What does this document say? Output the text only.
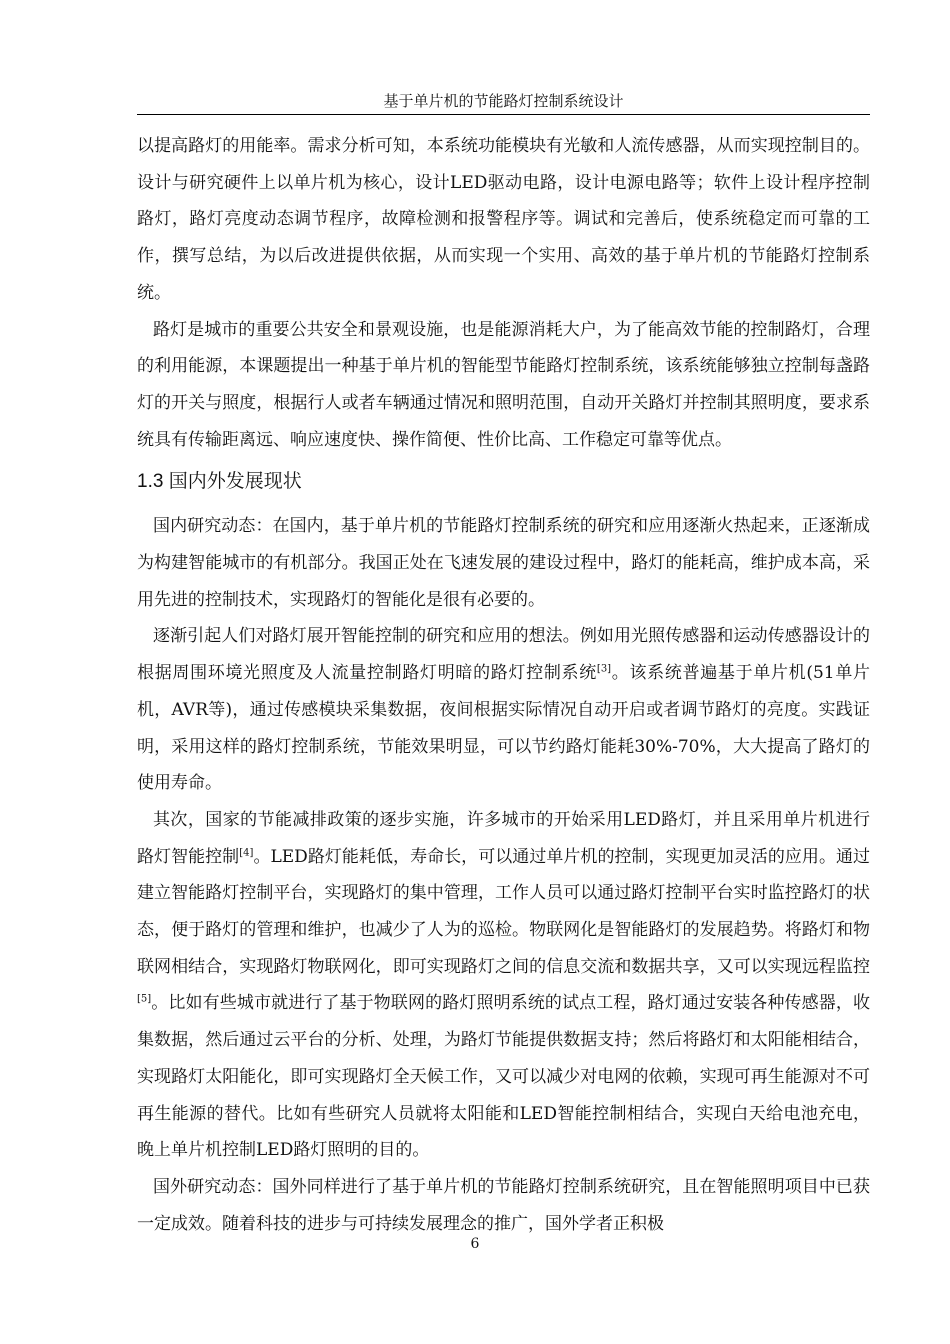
基于单片机的节能路灯控制系统设计

以提高路灯的用能率。需求分析可知，本系统功能模块有光敏和人流传感器，从而实现控制目的。设计与研究硬件上以单片机为核心，设计LED驱动电路，设计电源电路等；软件上设计程序控制路灯，路灯亮度动态调节程序，故障检测和报警程序等。调试和完善后，使系统稳定而可靠的工作，撰写总结，为以后改进提供依据，从而实现一个实用、高效的基于单片机的节能路灯控制系统。

路灯是城市的重要公共安全和景观设施，也是能源消耗大户，为了能高效节能的控制路灯，合理的利用能源，本课题提出一种基于单片机的智能型节能路灯控制系统，该系统能够独立控制每盏路灯的开关与照度，根据行人或者车辆通过情况和照明范围，自动开关路灯并控制其照明度，要求系统具有传输距离远、响应速度快、操作简便、性价比高、工作稳定可靠等优点。

1.3 国内外发展现状

国内研究动态：在国内，基于单片机的节能路灯控制系统的研究和应用逐渐火热起来，正逐渐成为构建智能城市的有机部分。我国正处在飞速发展的建设过程中，路灯的能耗高，维护成本高，采用先进的控制技术，实现路灯的智能化是很有必要的。

逐渐引起人们对路灯展开智能控制的研究和应用的想法。例如用光照传感器和运动传感器设计的根据周围环境光照度及人流量控制路灯明暗的路灯控制系统[3]。该系统普遍基于单片机(51单片机，AVR等)，通过传感模块采集数据，夜间根据实际情况自动开启或者调节路灯的亮度。实践证明，采用这样的路灯控制系统，节能效果明显，可以节约路灯能耗30%-70%，大大提高了路灯的使用寿命。

其次，国家的节能减排政策的逐步实施，许多城市的开始采用LED路灯，并且采用单片机进行路灯智能控制[4]。LED路灯能耗低，寿命长，可以通过单片机的控制，实现更加灵活的应用。通过建立智能路灯控制平台，实现路灯的集中管理，工作人员可以通过路灯控制平台实时监控路灯的状态，便于路灯的管理和维护，也减少了人为的巡检。物联网化是智能路灯的发展趋势。将路灯和物联网相结合，实现路灯物联网化，即可实现路灯之间的信息交流和数据共享，又可以实现远程监控[5]。比如有些城市就进行了基于物联网的路灯照明系统的试点工程，路灯通过安装各种传感器，收集数据，然后通过云平台的分析、处理，为路灯节能提供数据支持；然后将路灯和太阳能相结合，实现路灯太阳能化，即可实现路灯全天候工作，又可以减少对电网的依赖，实现可再生能源对不可再生能源的替代。比如有些研究人员就将太阳能和LED智能控制相结合，实现白天给电池充电，晚上单片机控制LED路灯照明的目的。

国外研究动态：国外同样进行了基于单片机的节能路灯控制系统研究，且在智能照明项目中已获一定成效。随着科技的进步与可持续发展理念的推广，国外学者正积极

6
